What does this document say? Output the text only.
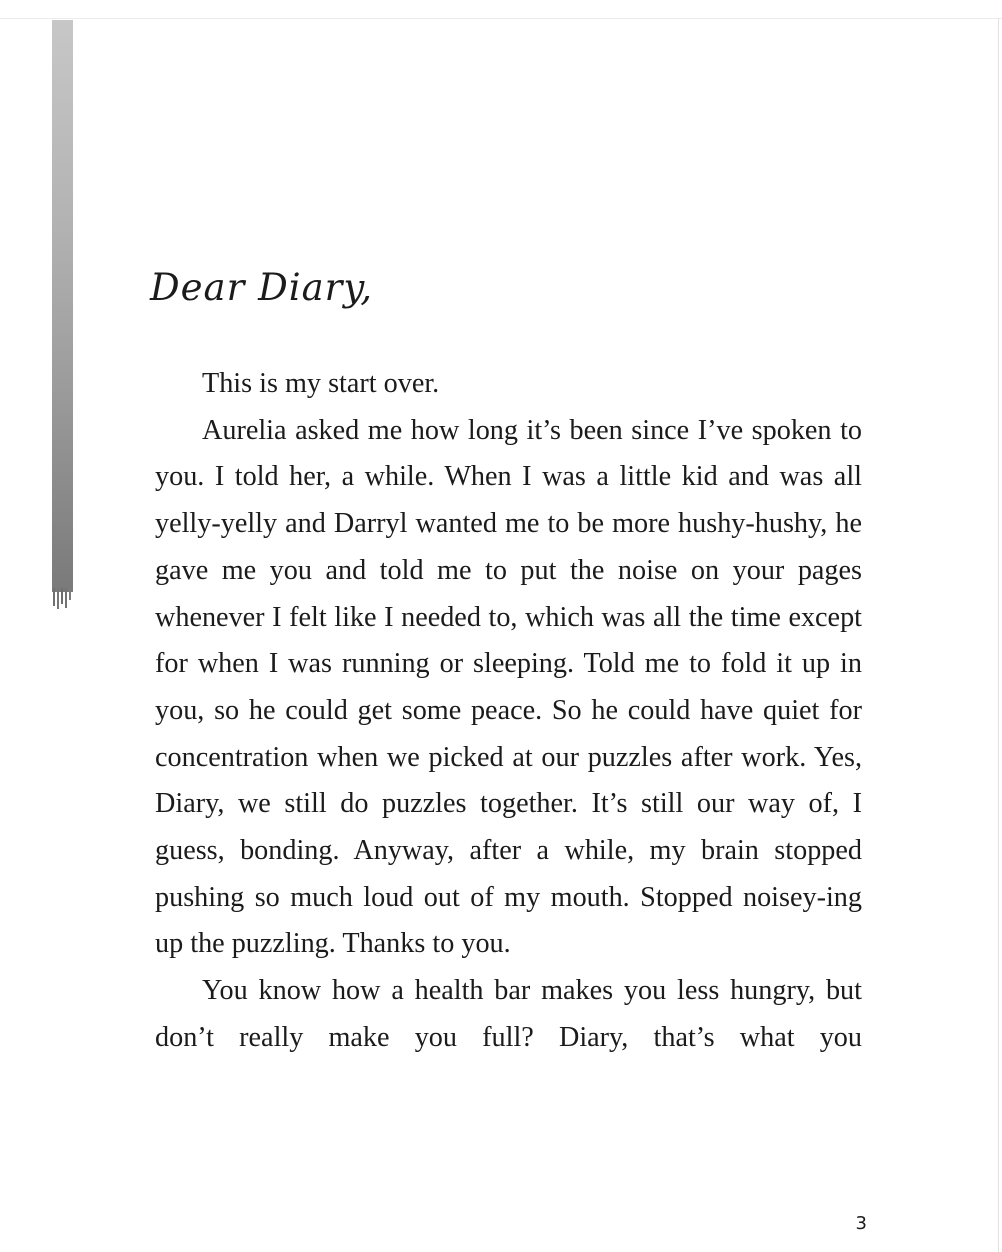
Dear Diary,

This is my start over.

Aurelia asked me how long it’s been since I’ve spoken to you. I told her, a while. When I was a little kid and was all yelly-yelly and Darryl wanted me to be more hushy-hushy, he gave me you and told me to put the noise on your pages whenever I felt like I needed to, which was all the time except for when I was running or sleeping. Told me to fold it up in you, so he could get some peace. So he could have quiet for concentration when we picked at our puzzles after work. Yes, Diary, we still do puzzles together. It’s still our way of, I guess, bonding. Anyway, after a while, my brain stopped pushing so much loud out of my mouth. Stopped noisey-ing up the puzzling. Thanks to you.

You know how a health bar makes you less hungry, but don’t really make you full? Diary, that’s what you

3
